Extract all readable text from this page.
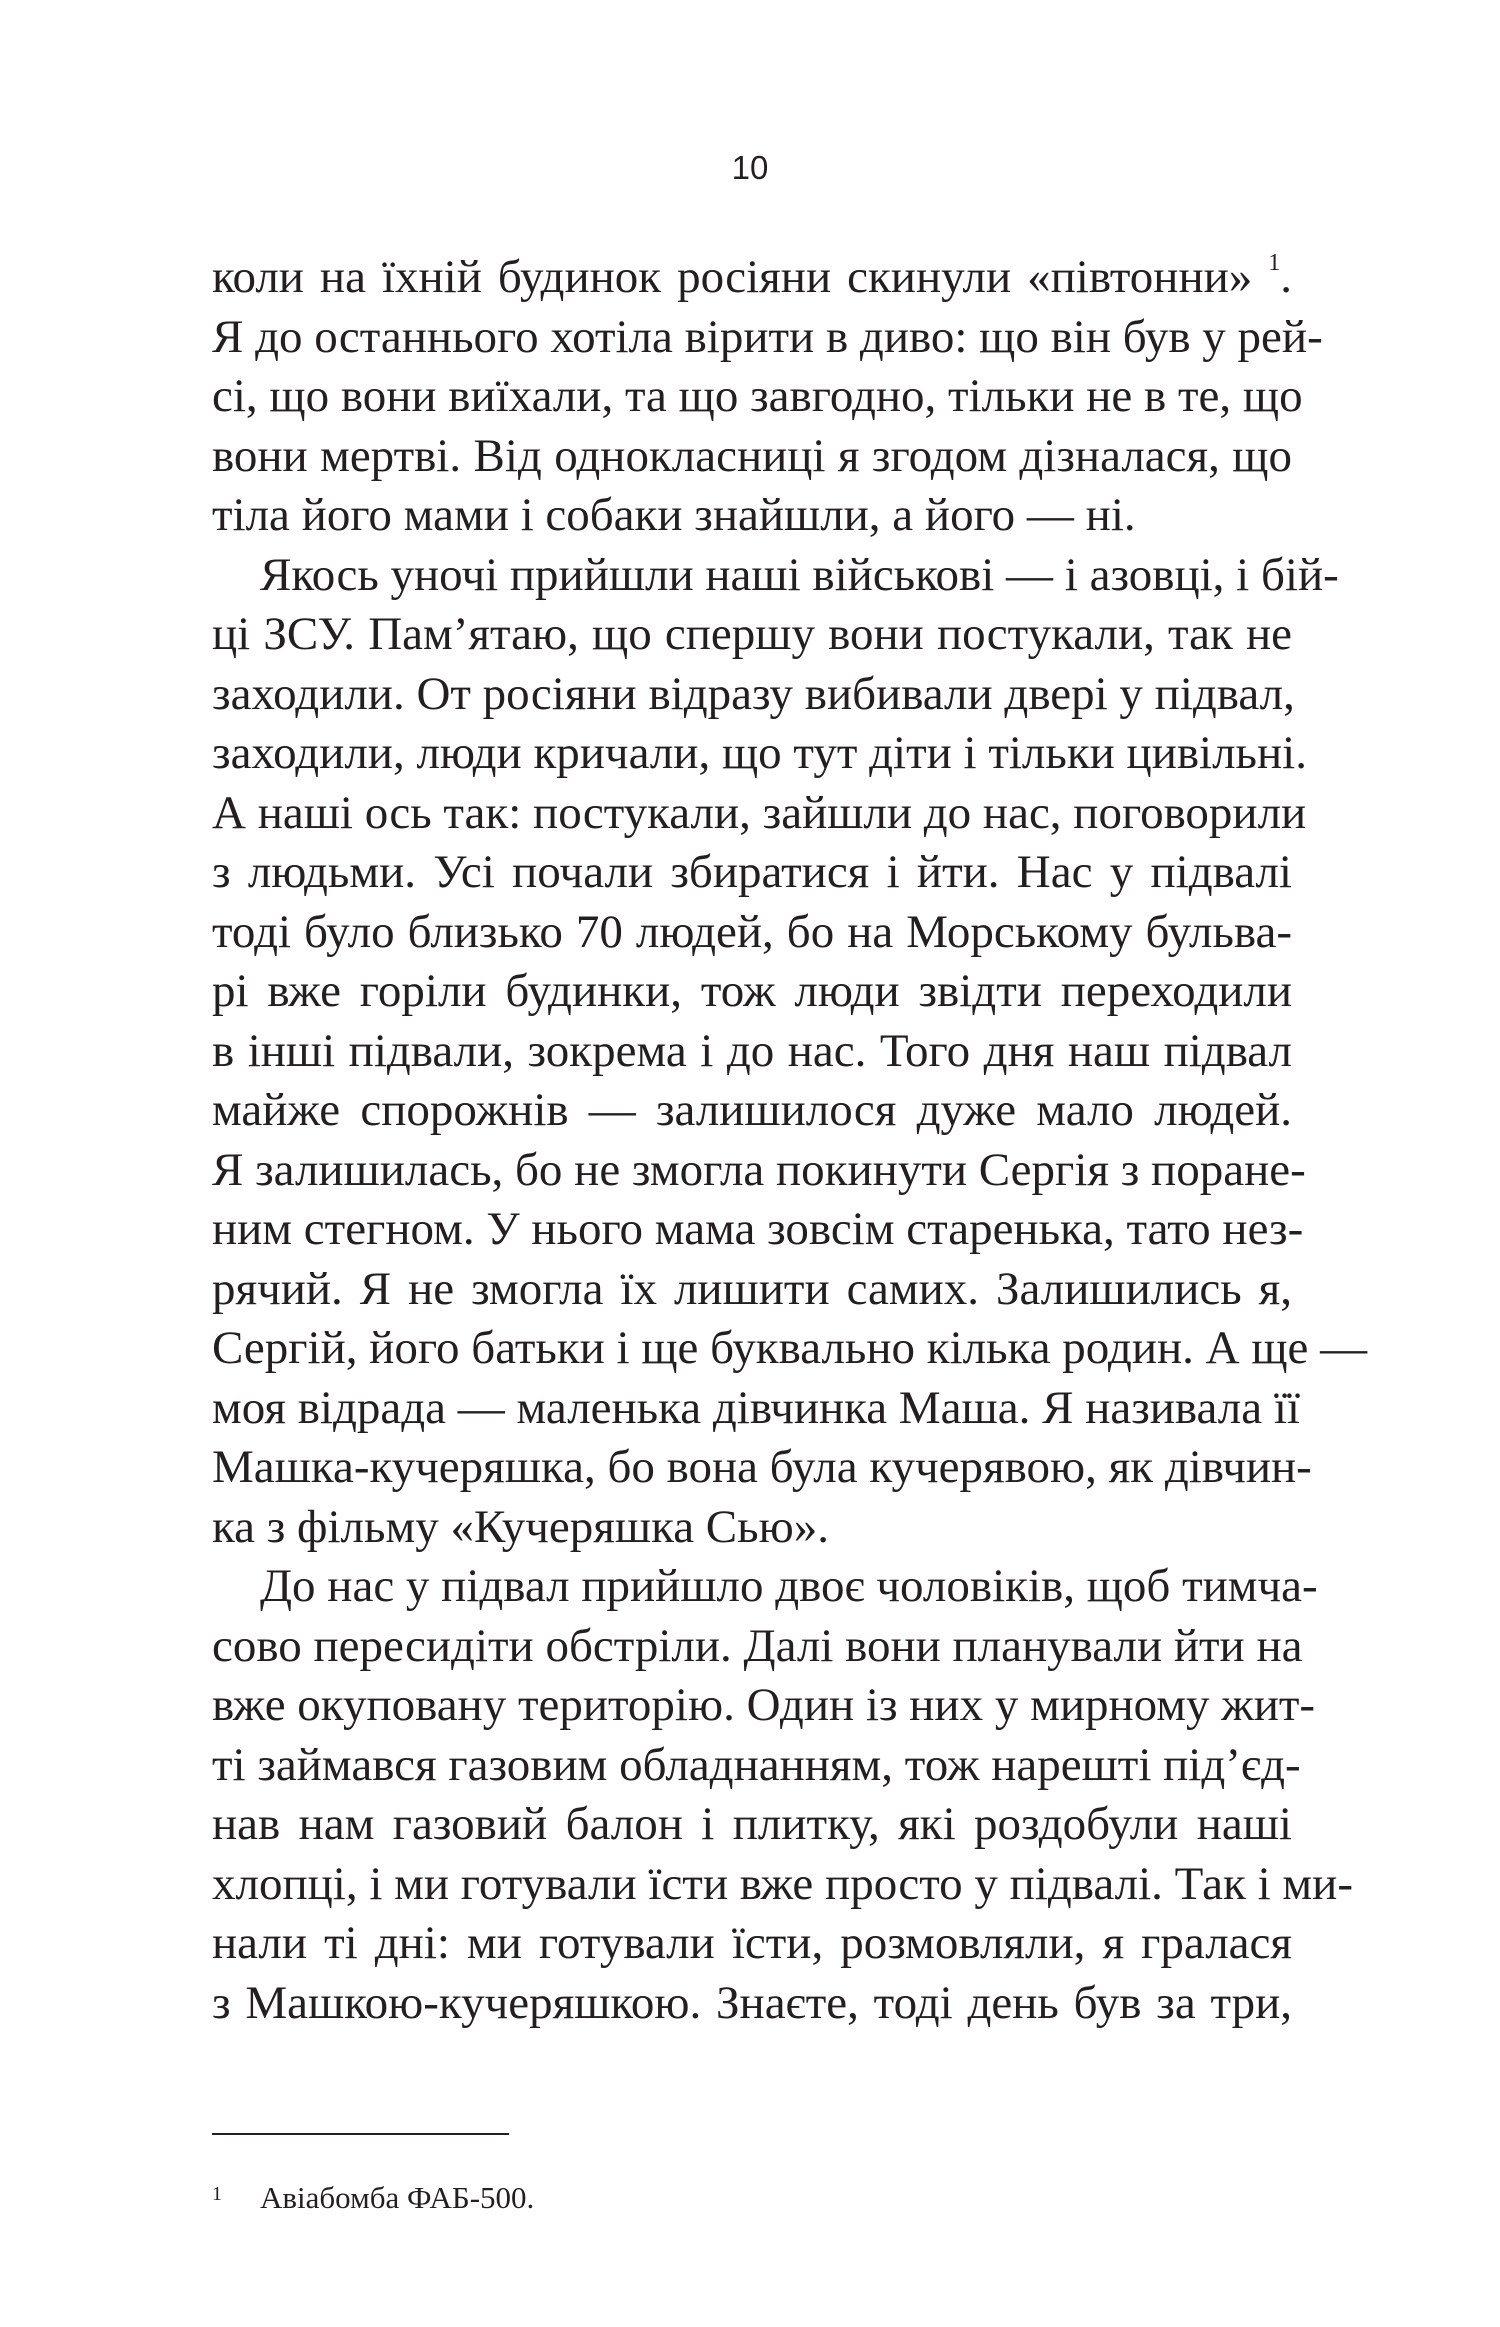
10
коли на їхній будинок росіяни скинули «півтонни» $^1$.
Я до останнього хотіла вірити в диво: що він був у рей-
сі, що вони виїхали, та що завгодно, тільки не в те, що
вони мертві. Від однокласниці я згодом дізналася, що
тіла його мами і собаки знайшли, а його — ні.
Якось уночі прийшли наші військові — і азовці, і бій-
ці ЗСУ. Пам’ятаю, що спершу вони постукали, так не
заходили. От росіяни відразу вибивали двері у підвал,
заходили, люди кричали, що тут діти і тільки цивільні.
А наші ось так: постукали, зайшли до нас, поговорили
з людьми. Усі почали збиратися і йти. Нас у підвалі
тоді було близько 70 людей, бо на Морському бульва-
рі вже горіли будинки, тож люди звідти переходили
в інші підвали, зокрема і до нас. Того дня наш підвал
майже спорожнів — залишилося дуже мало людей.
Я залишилась, бо не змогла покинути Сергія з поране-
ним стегном. У нього мама зовсім старенька, тато нез-
рячий. Я не змогла їх лишити самих. Залишились я,
Сергій, його батьки і ще буквально кілька родин. А ще —
моя відрада — маленька дівчинка Маша. Я називала її
Машка-кучеряшка, бо вона була кучерявою, як дівчин-
ка з фільму «Кучеряшка Сью».
До нас у підвал прийшло двоє чоловіків, щоб тимча-
сово пересидіти обстріли. Далі вони планували йти на
вже окуповану територію. Один із них у мирному жит-
ті займався газовим обладнанням, тож нарешті під’єд-
нав нам газовий балон і плитку, які роздобули наші
хлопці, і ми готували їсти вже просто у підвалі. Так і ми-
нали ті дні: ми готували їсти, розмовляли, я гралася
з Машкою-кучеряшкою. Знаєте, тоді день був за три,
1 Авіабомба ФАБ-500.
